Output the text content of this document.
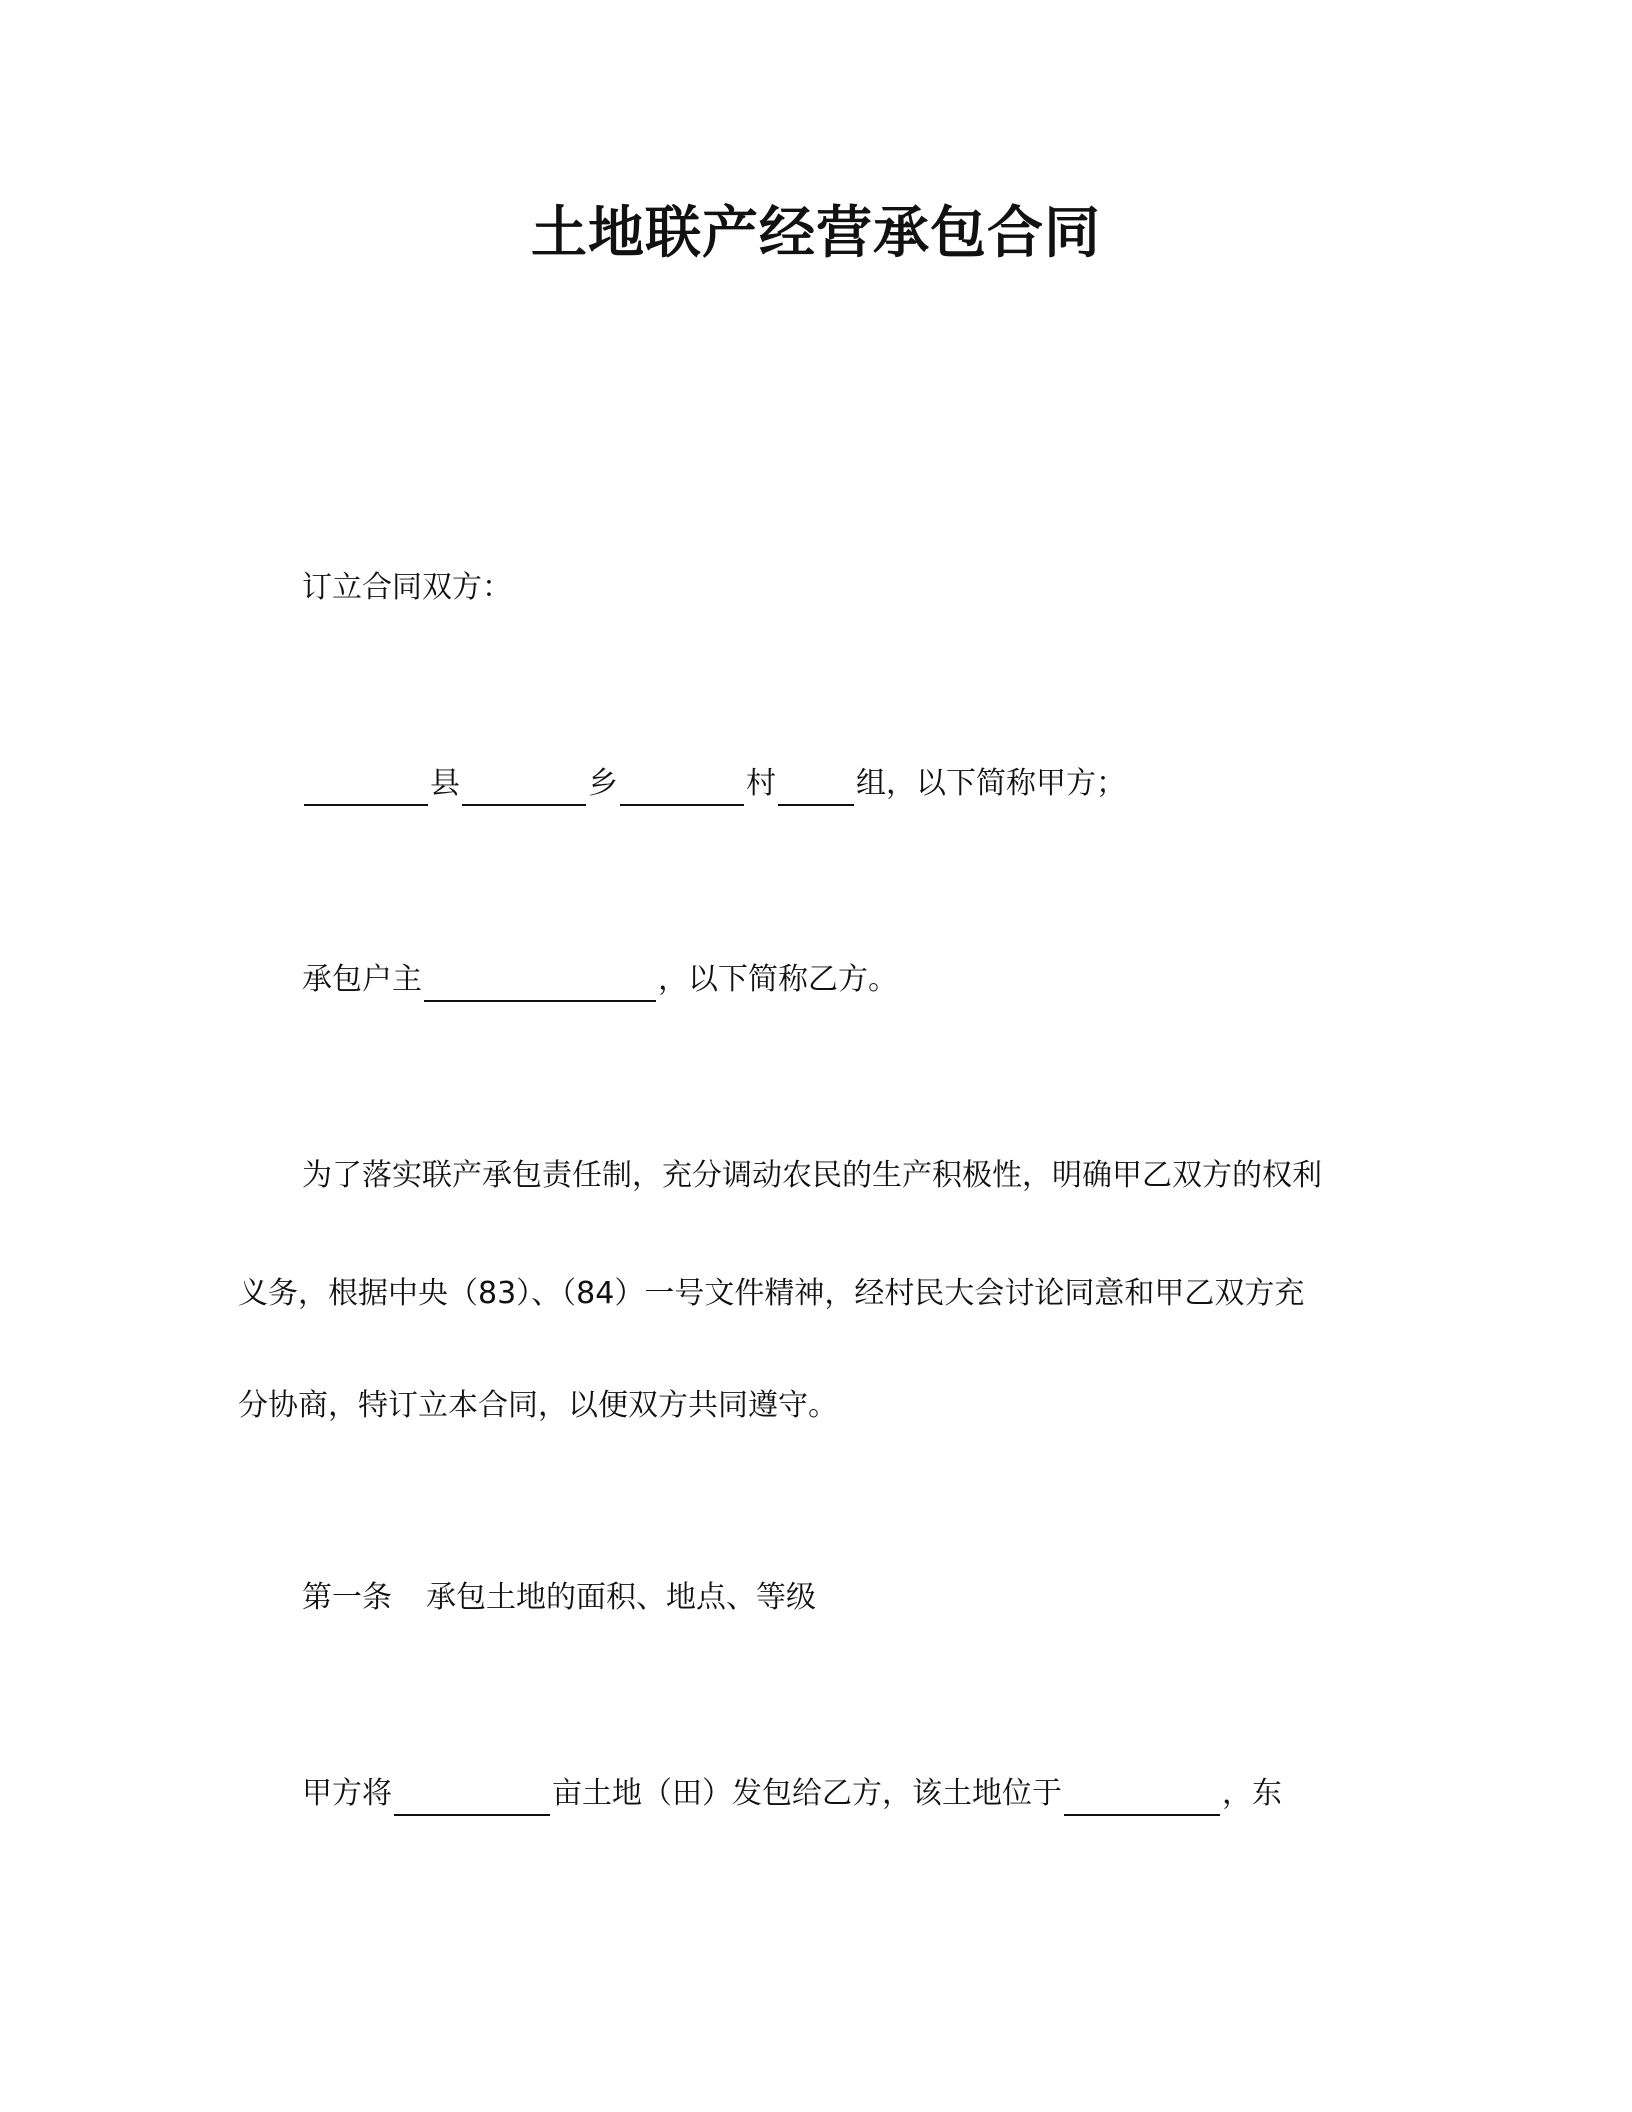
土地联产经营承包合同
订立合同双方：
县	乡	村	组，以下简称甲方；
承包户主	，以下简称乙方。
为了落实联产承包责任制，充分调动农民的生产积极性，明确甲乙双方的权利
义务，根据中央（83）、（84）一号文件精神，经村民大会讨论同意和甲乙双方充
分协商，特订立本合同，以便双方共同遵守。
第一条 承包土地的面积、地点、等级
甲方将	亩土地（田）发包给乙方，该土地位于	，东
